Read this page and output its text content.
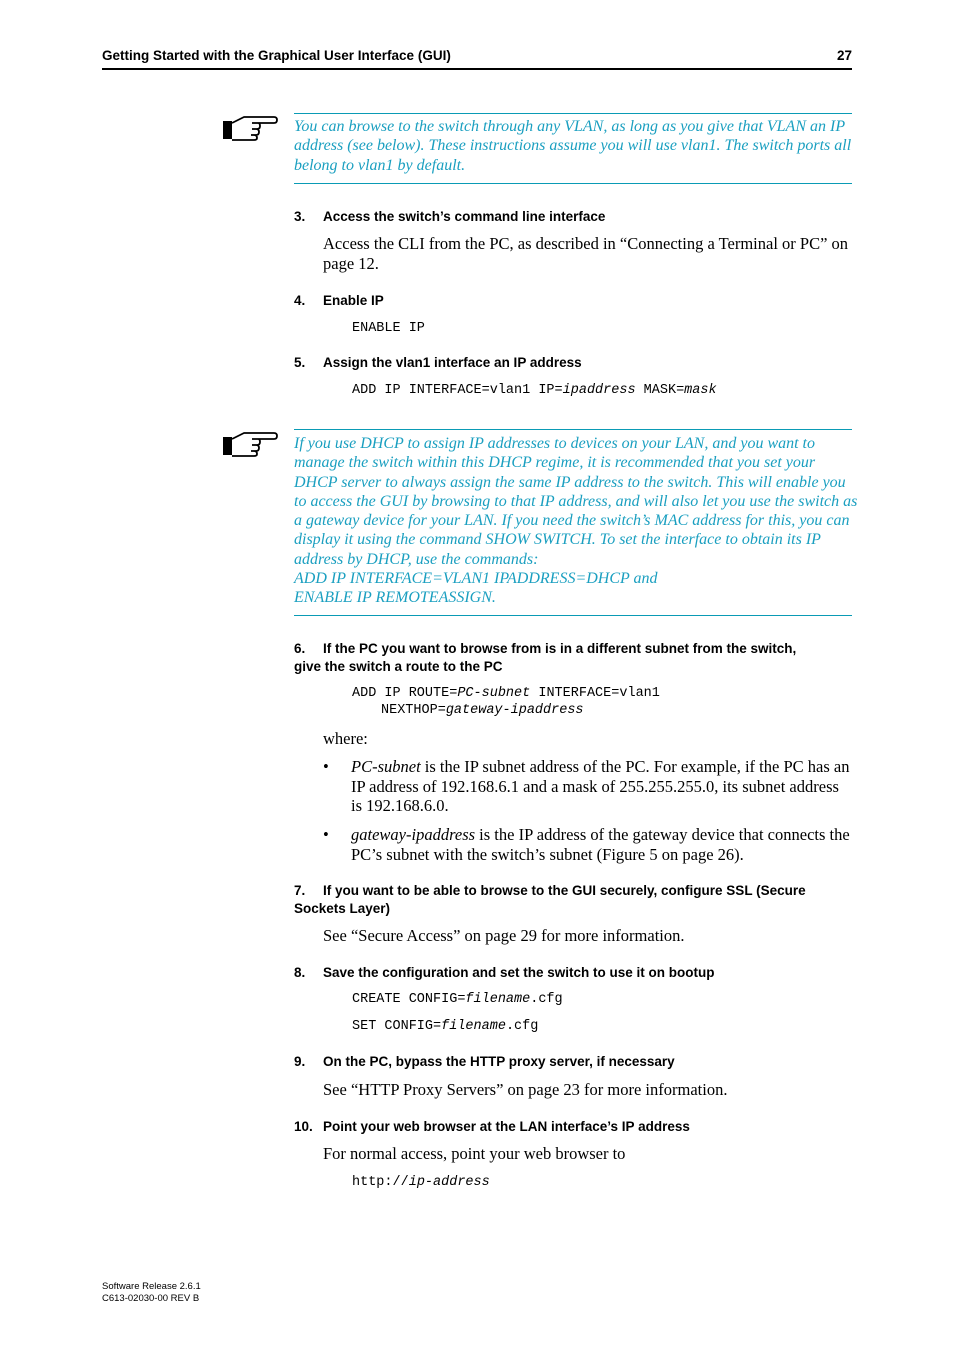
Getting Started with the Graphical User Interface (GUI)	27
You can browse to the switch through any VLAN, as long as you give that VLAN an IP address (see below). These instructions assume you will use vlan1. The switch ports all belong to vlan1 by default.
3. Access the switch’s command line interface
Access the CLI from the PC, as described in “Connecting a Terminal or PC” on page 12.
4. Enable IP
ENABLE IP
5. Assign the vlan1 interface an IP address
ADD IP INTERFACE=vlan1 IP=ipaddress MASK=mask
If you use DHCP to assign IP addresses to devices on your LAN, and you want to
manage the switch within this DHCP regime, it is recommended that you set your
DHCP server to always assign the same IP address to the switch. This will enable you
to access the GUI by browsing to that IP address, and will also let you use the switch as
a gateway device for your LAN. If you need the switch’s MAC address for this, you can
display it using the command SHOW SWITCH. To set the interface to obtain its IP
address by DHCP, use the commands:
ADD IP INTERFACE=VLAN1 IPADDRESS=DHCP and
ENABLE IP REMOTEASSIGN.
6. If the PC you want to browse from is in a different subnet from the switch,
give the switch a route to the PC
ADD IP ROUTE=PC-subnet INTERFACE=vlan1
NEXTHOP=gateway-ipaddress
where:
• PC-subnet is the IP subnet address of the PC. For example, if the PC has an IP address of 192.168.6.1 and a mask of 255.255.255.0, its subnet address is 192.168.6.0.
• gateway-ipaddress is the IP address of the gateway device that connects the PC’s subnet with the switch’s subnet (Figure 5 on page 26).
7. If you want to be able to browse to the GUI securely, configure SSL (Secure
Sockets Layer)
See “Secure Access” on page 29 for more information.
8. Save the configuration and set the switch to use it on bootup
CREATE CONFIG=filename.cfg
SET CONFIG=filename.cfg
9. On the PC, bypass the HTTP proxy server, if necessary
See “HTTP Proxy Servers” on page 23 for more information.
10. Point your web browser at the LAN interface’s IP address
For normal access, point your web browser to
http://ip-address
Software Release 2.6.1
C613-02030-00 REV B
